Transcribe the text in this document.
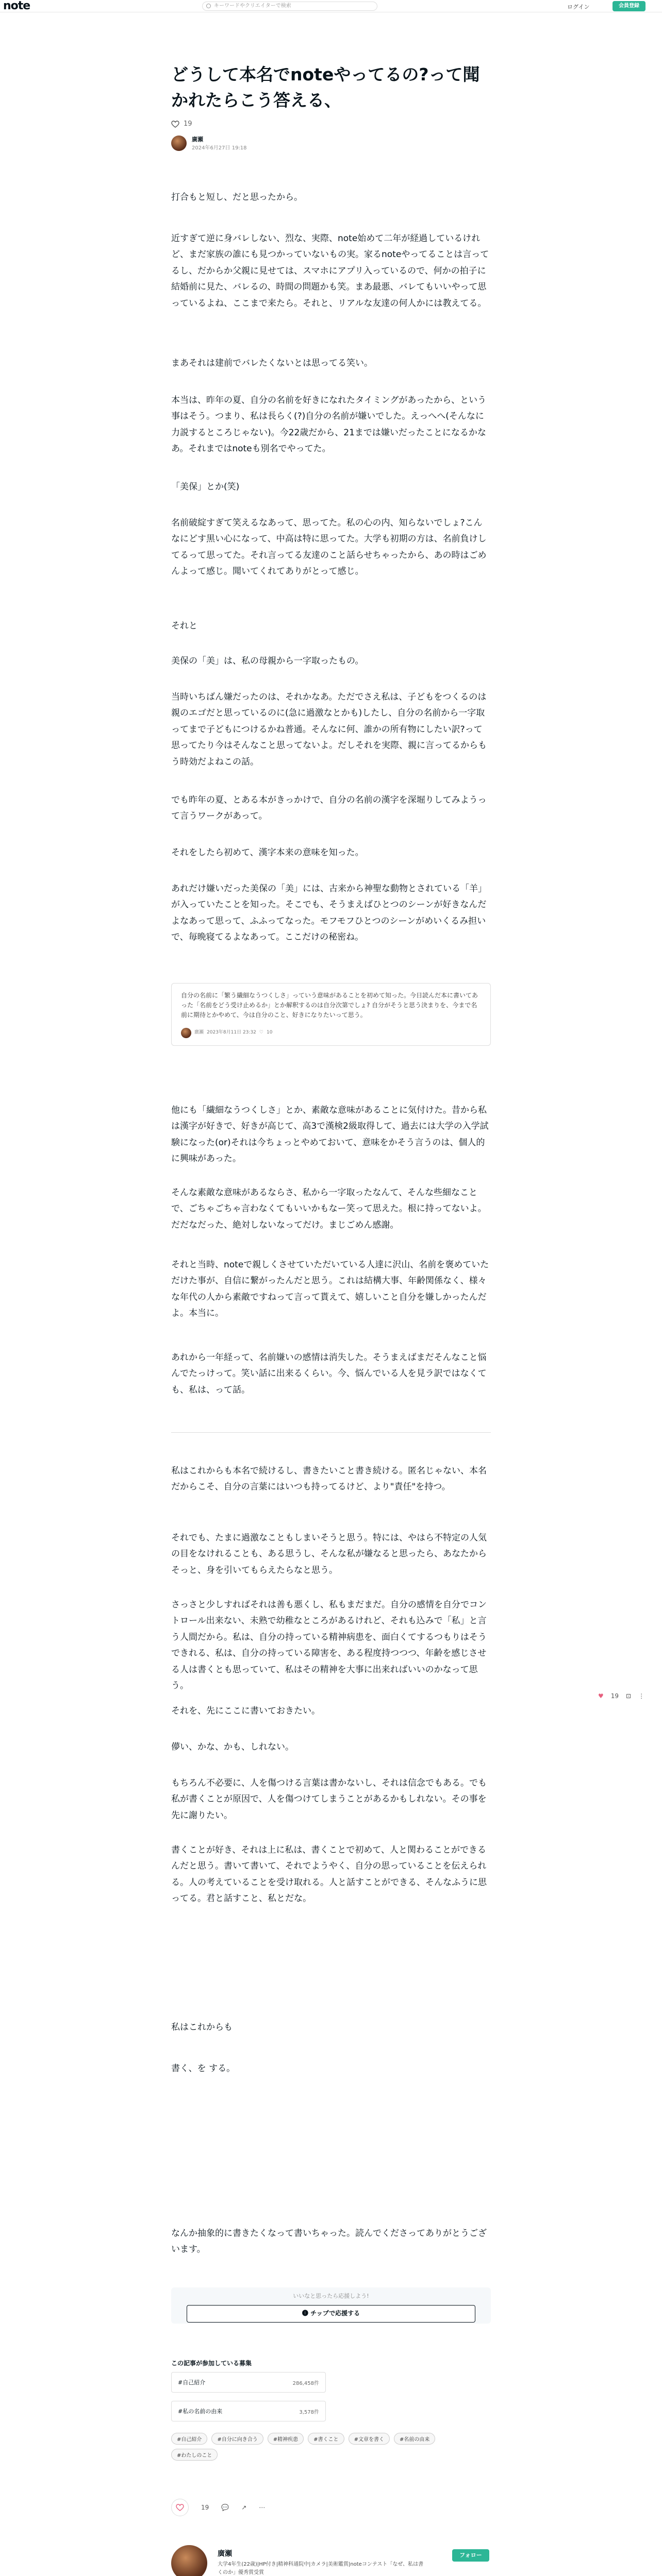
note	キーワードやクリエイターで検索	ログイン	会員登録
どうして本名でnoteやってるの?って聞かれたらこう答える、
19
廣瀬
2024年6月27日 19:18

打合もと短し、だと思ったから。

近すぎて逆に身バレしない、烈な、実際、note始めて二年が経過しているけれど、まだ家族の誰にも見つかっていないもの実。家るnoteやってることは言ってるし、だからか父親に見せては、スマホにアプリ入っているので、何かの拍子に結婚前に見た、バレるの、時間の問題かも笑。まあ最悪、バレてもいいやって思っているよね、ここまで来たら。それと、リアルな友達の何人かには教えてる。

まあそれは建前でバレたくないとは思ってる笑い。

本当は、昨年の夏、自分の名前を好きになれたタイミングがあったから、という事はそう。つまり、私は長らく(?)自分の名前が嫌いでした。えっへへ(そんなに力説するところじゃない)。今22歳だから、21までは嫌いだったことになるかなあ。それまではnoteも別名でやってた。

「美保」とか(笑)

名前破綻すぎて笑えるなあって、思ってた。私の心の内、知らないでしょ?こんなにどす黒い心になって、中高は特に思ってた。大学も初期の方は、名前負けしてるって思ってた。それ言ってる友達のこと話らせちゃったから、あの時はごめんよって感じ。聞いてくれてありがとって感じ。

それと

美保の「美」は、私の母親から一字取ったもの。

当時いちばん嫌だったのは、それかなあ。ただでさえ私は、子どもをつくるのは親のエゴだと思っているのに(急に過激なとかも)したし、自分の名前から一字取ってまで子どもにつけるかね普通。そんなに何、誰かの所有物にしたい訳?って思ってたり今はそんなこと思ってないよ。だしそれを実際、親に言ってるからもう時効だよねこの話。

でも昨年の夏、とある本がきっかけで、自分の名前の漢字を深堀りしてみようって言うワークがあって。

それをしたら初めて、漢字本来の意味を知った。

あれだけ嫌いだった美保の「美」には、古来から神聖な動物とされている「羊」が入っていたことを知った。そこでも、そうまえばひとつのシーンが好きなんだよなあって思って、ふふってなった。モフモフひとつのシーンがめいくるみ担いで、毎晩寝てるよなあって。ここだけの秘密ね。

自分の名前に「繁う繊細なうつくしさ」っていう意味があることを初めて知った。今日読んだ本に書いてあった「名前をどう受け止めるか」とか解釈するのは自分次第でしょ? 自分がそうと思う決まりを、今まで名前に期待とかやめて、今は自分のこと、好きになりたいって思う。
廣瀬 2023年8月11日 23:32 ♡ 10

他にも「繊細なうつくしさ」とか、素敵な意味があることに気付けた。昔から私は漢字が好きで、好きが高じて、高3で漢検2級取得して、過去には大学の入学試験になった(or)それは今ちょっとやめておいて、意味をかそう言うのは、個人的に興味があった。

そんな素敵な意味があるならさ、私から一字取ったなんて、そんな些細なことで、ごちゃごちゃ言わなくてもいいかもなー笑って思えた。根に持ってないよ。だだなだった、絶対しないなってだけ。まじごめん感謝。

それと当時、noteで親しくさせていただいている人達に沢山、名前を褒めていただけた事が、自信に繋がったんだと思う。これは結構大事、年齢関係なく、様々な年代の人から素敵ですねって言って貰えて、嬉しいこと自分を嫌しかったんだよ。本当に。

あれから一年経って、名前嫌いの感情は消失した。そうまえばまだそんなこと悩んでたっけって。笑い話に出来るくらい。今、悩んでいる人を見ラ訳ではなくても、私は、って話。

私はこれからも本名で続けるし、書きたいこと書き続ける。匿名じゃない、本名だからこそ、自分の言葉にはいつも持ってるけど、より"責任"を持つ。

それでも、たまに過激なこともしまいそうと思う。特には、やはら不特定の人気の目をなけれることも、ある思うし、そんな私が嫌なると思ったら、あなたからそっと、身を引いてもらえたらなと思う。

さっさと少しすればそれは善も悪くし、私もまだまだ。自分の感情を自分でコントロール出来ない、未熟で幼稚なところがあるけれど、それも込みで「私」と言う人間だから。私は、自分の持っている精神病患を、面白くてするつもりはそうできれる、私は、自分の持っている障害を、ある程度持つつつ、年齢を感じさせる人は書くとも思っていて、私はその精神を大事に出来ればいいのかなって思う。

それを、先にここに書いておきたい。

儚い、かな、かも、しれない。

もちろん不必要に、人を傷つける言葉は書かないし、それは信念でもある。でも私が書くことが原因で、人を傷つけてしまうことがあるかもしれない。その事を先に謝りたい。

書くことが好き、それは上に私は、書くことで初めて、人と関わることができるんだと思う。書いて書いて、それでようやく、自分の思っていることを伝えられる。人の考えていることを受け取れる。人と話すことができる、そんなふうに思ってる。君と話すこと、私とだな。

私はこれからも

書く、を する。

なんか抽象的に書きたくなって書いちゃった。読んでくださってありがとうございます。

♥ 19 ⊡ ⋮
いいなと思ったら応援しよう!
🅘 チップで応援する
この記事が参加している募集
#自己紹介	286,458件
#私の名前の由来	3,578件
#自己紹介	#自分に向き合う	#精神疾患	#書くこと	#文章を書く	#名前の由来
#わたしのこと
19 💬 ↗ ⋯
廣瀬
大学4年生(22歳)|HP付き|精神科通院中|カメラ|美術鑑賞|noteコンテスト「なぜ、私は書くのか」優秀賞受賞
フォロー
